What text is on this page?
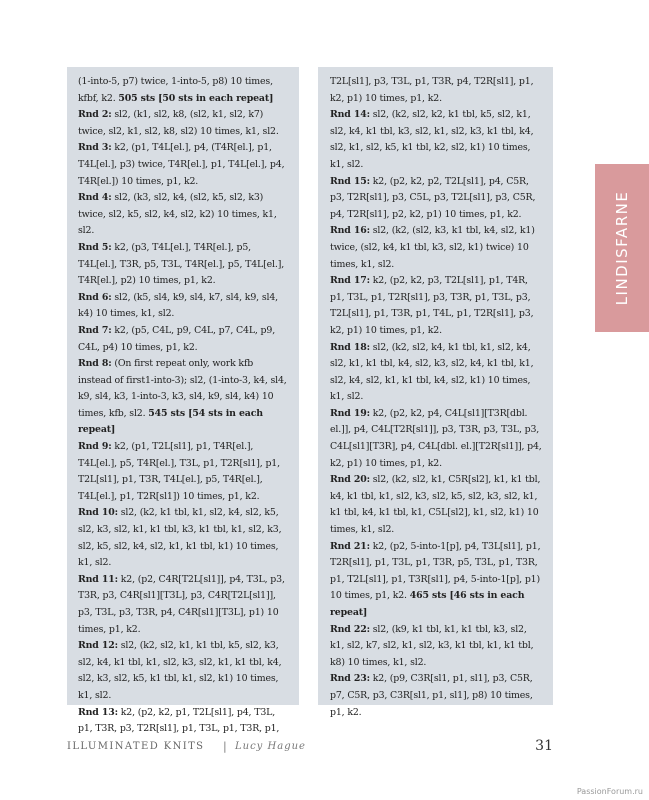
(1-into-5, p7) twice, 1-into-5, p8) 10 times, kfbf, k2. 505 sts [50 sts in each repeat]

Rnd 2: sl2, (k1, sl2, k8, (sl2, k1, sl2, k7) twice, sl2, k1, sl2, k8, sl2) 10 times, k1, sl2.

Rnd 3: k2, (p1, T4L[el.], p4, (T4R[el.], p1, T4L[el.], p3) twice, T4R[el.], p1, T4L[el.], p4, T4R[el.]) 10 times, p1, k2.

Rnd 4: sl2, (k3, sl2, k4, (sl2, k5, sl2, k3) twice, sl2, k5, sl2, k4, sl2, k2) 10 times, k1, sl2.

Rnd 5: k2, (p3, T4L[el.], T4R[el.], p5, T4L[el.], T3R, p5, T3L, T4R[el.], p5, T4L[el.], T4R[el.], p2) 10 times, p1, k2.

Rnd 6: sl2, (k5, sl4, k9, sl4, k7, sl4, k9, sl4, k4) 10 times, k1, sl2.

Rnd 7: k2, (p5, C4L, p9, C4L, p7, C4L, p9, C4L, p4) 10 times, p1, k2.

Rnd 8: (On first repeat only, work kfb instead of first1-into-3); sl2, (1-into-3, k4, sl4, k9, sl4, k3, 1-into-3, k3, sl4, k9, sl4, k4) 10 times, kfb, sl2. 545 sts [54 sts in each repeat]

Rnd 9: k2, (p1, T2L[sl1], p1, T4R[el.], T4L[el.], p5, T4R[el.], T3L, p1, T2R[sl1], p1, T2L[sl1], p1, T3R, T4L[el.], p5, T4R[el.], T4L[el.], p1, T2R[sl1]) 10 times, p1, k2.

Rnd 10: sl2, (k2, k1 tbl, k1, sl2, k4, sl2, k5, sl2, k3, sl2, k1, k1 tbl, k3, k1 tbl, k1, sl2, k3, sl2, k5, sl2, k4, sl2, k1, k1 tbl, k1) 10 times, k1, sl2.

Rnd 11: k2, (p2, C4R[T2L[sl1]], p4, T3L, p3, T3R, p3, C4R[sl1][T3L], p3, C4R[T2L[sl1]], p3, T3L, p3, T3R, p4, C4R[sl1][T3L], p1) 10 times, p1, k2.

Rnd 12: sl2, (k2, sl2, k1, k1 tbl, k5, sl2, k3, sl2, k4, k1 tbl, k1, sl2, k3, sl2, k1, k1 tbl, k4, sl2, k3, sl2, k5, k1 tbl, k1, sl2, k1) 10 times, k1, sl2.

Rnd 13: k2, (p2, k2, p1, T2L[sl1], p4, T3L, p1, T3R, p3, T2R[sl1], p1, T3L, p1, T3R, p1,

T2L[sl1], p3, T3L, p1, T3R, p4, T2R[sl1], p1, k2, p1) 10 times, p1, k2.

Rnd 14: sl2, (k2, sl2, k2, k1 tbl, k5, sl2, k1, sl2, k4, k1 tbl, k3, sl2, k1, sl2, k3, k1 tbl, k4, sl2, k1, sl2, k5, k1 tbl, k2, sl2, k1) 10 times, k1, sl2.

Rnd 15: k2, (p2, k2, p2, T2L[sl1], p4, C5R, p3, T2R[sl1], p3, C5L, p3, T2L[sl1], p3, C5R, p4, T2R[sl1], p2, k2, p1) 10 times, p1, k2.

Rnd 16: sl2, (k2, (sl2, k3, k1 tbl, k4, sl2, k1) twice, (sl2, k4, k1 tbl, k3, sl2, k1) twice) 10 times, k1, sl2.

Rnd 17: k2, (p2, k2, p3, T2L[sl1], p1, T4R, p1, T3L, p1, T2R[sl1], p3, T3R, p1, T3L, p3, T2L[sl1], p1, T3R, p1, T4L, p1, T2R[sl1], p3, k2, p1) 10 times, p1, k2.

Rnd 18: sl2, (k2, sl2, k4, k1 tbl, k1, sl2, k4, sl2, k1, k1 tbl, k4, sl2, k3, sl2, k4, k1 tbl, k1, sl2, k4, sl2, k1, k1 tbl, k4, sl2, k1) 10 times, k1, sl2.

Rnd 19: k2, (p2, k2, p4, C4L[sl1][T3R[dbl. el.]], p4, C4L[T2R[sl1]], p3, T3R, p3, T3L, p3, C4L[sl1][T3R], p4, C4L[dbl. el.][T2R[sl1]], p4, k2, p1) 10 times, p1, k2.

Rnd 20: sl2, (k2, sl2, k1, C5R[sl2], k1, k1 tbl, k4, k1 tbl, k1, sl2, k3, sl2, k5, sl2, k3, sl2, k1, k1 tbl, k4, k1 tbl, k1, C5L[sl2], k1, sl2, k1) 10 times, k1, sl2.

Rnd 21: k2, (p2, 5-into-1[p], p4, T3L[sl1], p1, T2R[sl1], p1, T3L, p1, T3R, p5, T3L, p1, T3R, p1, T2L[sl1], p1, T3R[sl1], p4, 5-into-1[p], p1) 10 times, p1, k2. 465 sts [46 sts in each repeat]

Rnd 22: sl2, (k9, k1 tbl, k1, k1 tbl, k3, sl2, k1, sl2, k7, sl2, k1, sl2, k3, k1 tbl, k1, k1 tbl, k8) 10 times, k1, sl2.

Rnd 23: k2, (p9, C3R[sl1, p1, sl1], p3, C5R, p7, C5R, p3, C3R[sl1, p1, sl1], p8) 10 times, p1, k2.

LINDISFARNE
ILLUMINATED KNITS | Lucy Hague	31
PassionForum.ru
